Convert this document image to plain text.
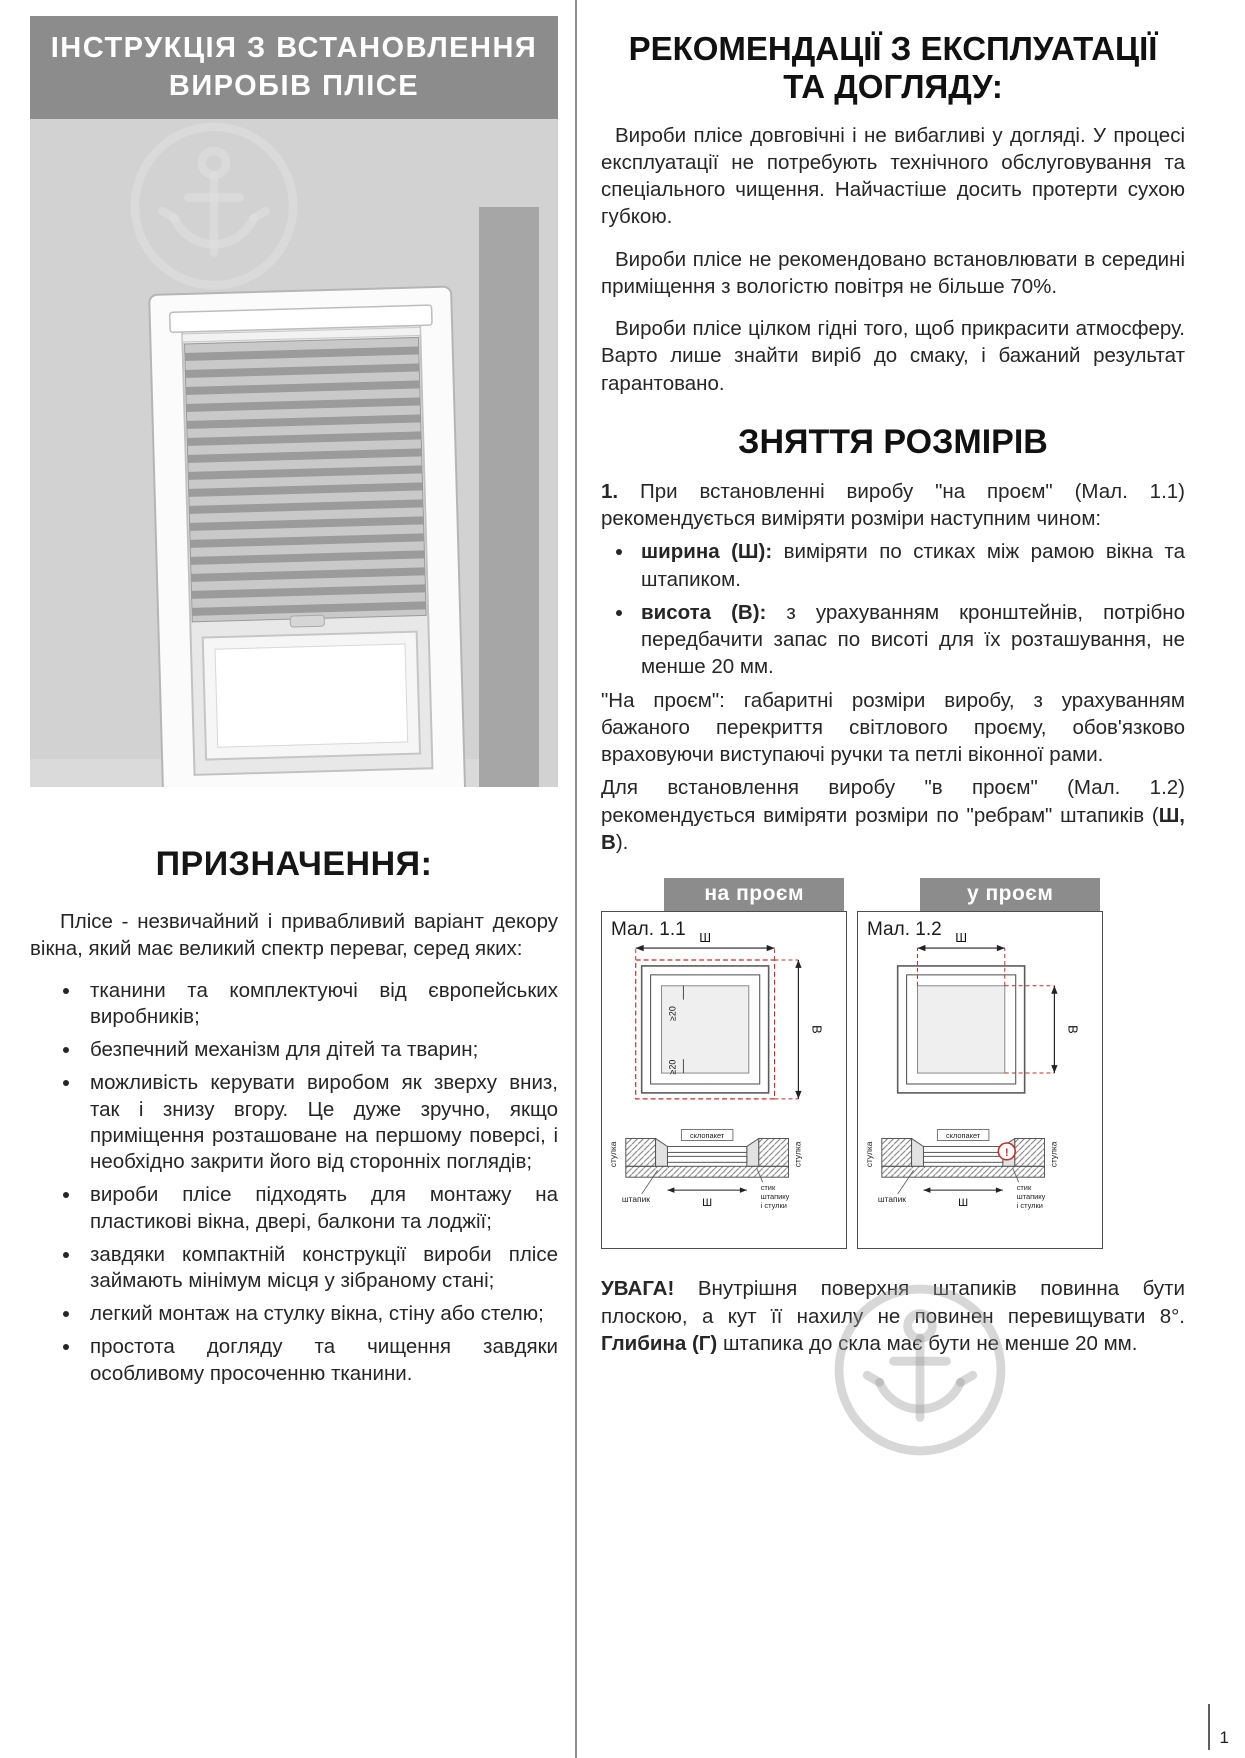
ІНСТРУКЦІЯ З ВСТАНОВЛЕННЯ
ВИРОБІВ ПЛІСЕ
ПРИЗНАЧЕННЯ:

Плісе - незвичайний і привабливий варіант декору вікна, який має великий спектр переваг, серед яких:

• тканини та комплектуючі від європейських виробників;
• безпечний механізм для дітей та тварин;
• можливість керувати виробом як зверху вниз, так і знизу вгору. Це дуже зручно, якщо приміщення розташоване на першому поверсі, і необхідно закрити його від сторонніх поглядів;
• вироби плісе підходять для монтажу на пластикові вікна, двері, балкони та лоджії;
• завдяки компактній конструкції вироби плісе займають мінімум місця у зібраному стані;
• легкий монтаж на стулку вікна, стіну або стелю;
• простота догляду та чищення завдяки особливому просоченню тканини.
РЕКОМЕНДАЦІЇ З ЕКСПЛУАТАЦІЇ
ТА ДОГЛЯДУ:

Вироби плісе довговічні і не вибагливі у догляді. У процесі експлуатації не потребують технічного обслуговування та спеціального чищення. Найчастіше досить протерти сухою губкою.

Вироби плісе не рекомендовано встановлювати в середині приміщення з вологістю повітря не більше 70%.

Вироби плісе цілком гідні того, щоб прикрасити атмосферу. Варто лише знайти виріб до смаку, і бажаний результат гарантовано.

ЗНЯТТЯ РОЗМІРІВ

1. При встановленні виробу "на проєм" (Мал. 1.1) рекомендується виміряти розміри наступним чином:

• ширина (Ш): виміряти по стиках між рамою вікна та штапиком.
• висота (В): з урахуванням кронштейнів, потрібно передбачити запас по висоті для їх розташування, не менше 20 мм.

"На проєм": габаритні розміри виробу, з урахуванням бажаного перекриття світлового проєму, обов'язково враховуючи виступаючі ручки та петлі віконної рами.

Для встановлення виробу "в проєм" (Мал. 1.2) рекомендується виміряти розміри по "ребрам" штапиків (Ш, В).

на проєм
Мал. 1.1 Ш
В
≥20
≥20
стулка	стулка
склопакет
штапик	Ш
стик
штапику
і стулки
у проєм
Мал. 1.2 Ш
В
стулка	стулка
склопакет
!
штапик	Ш
стик
штапику
і стулки

УВАГА! Внутрішня поверхня штапиків повинна бути плоскою, а кут її нахилу не повинен перевищувати 8°. Глибина (Г) штапика до скла має бути не менше 20 мм.

1
